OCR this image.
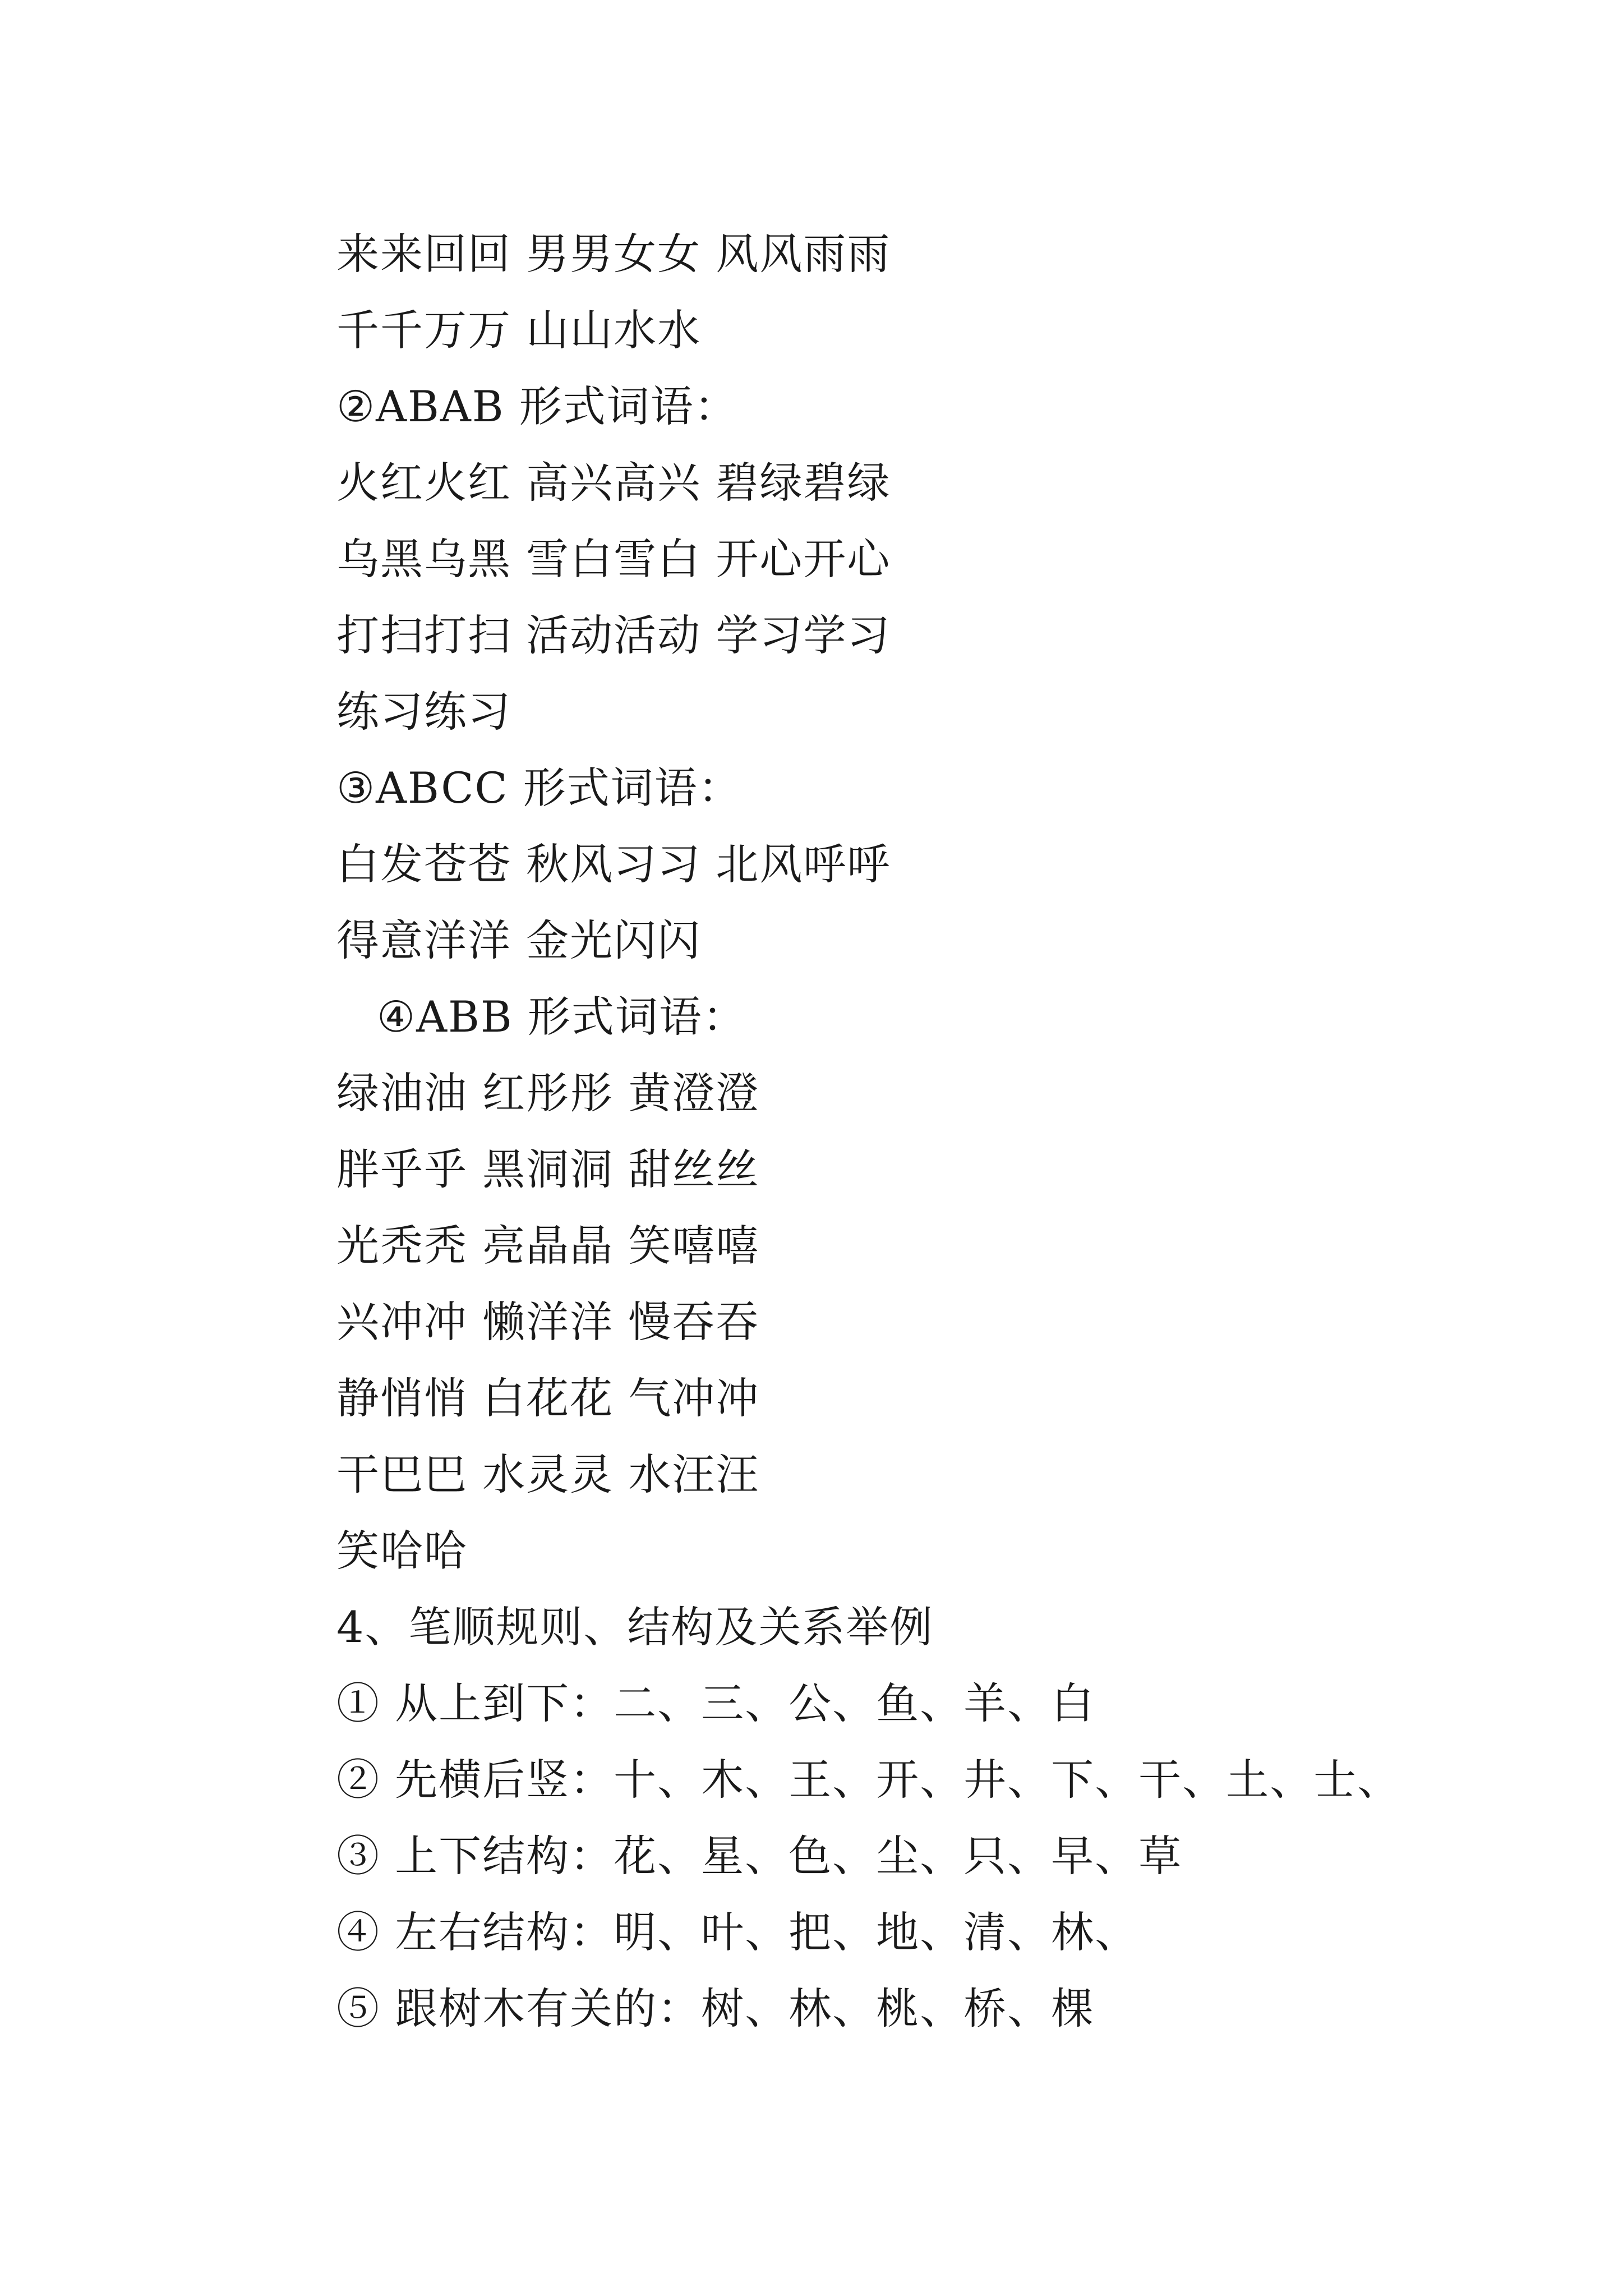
来来回回 男男女女 风风雨雨
千千万万 山山水水
②ABAB 形式词语：
火红火红 高兴高兴 碧绿碧绿
乌黑乌黑 雪白雪白 开心开心
打扫打扫 活动活动 学习学习
练习练习
③ABCC 形式词语：
白发苍苍 秋风习习 北风呼呼
得意洋洋 金光闪闪
④ABB 形式词语：
绿油油 红彤彤 黄澄澄
胖乎乎 黑洞洞 甜丝丝
光秃秃 亮晶晶 笑嘻嘻
兴冲冲 懒洋洋 慢吞吞
静悄悄 白花花 气冲冲
干巴巴 水灵灵 水汪汪
笑哈哈
4、笔顺规则、结构及关系举例
① 从上到下：二、三、公、鱼、羊、白
② 先横后竖：十、木、王、开、井、下、干、土、士、
③ 上下结构：花、星、色、尘、只、早、草
④ 左右结构：明、叶、把、地、清、林、
⑤ 跟树木有关的：树、林、桃、桥、棵
